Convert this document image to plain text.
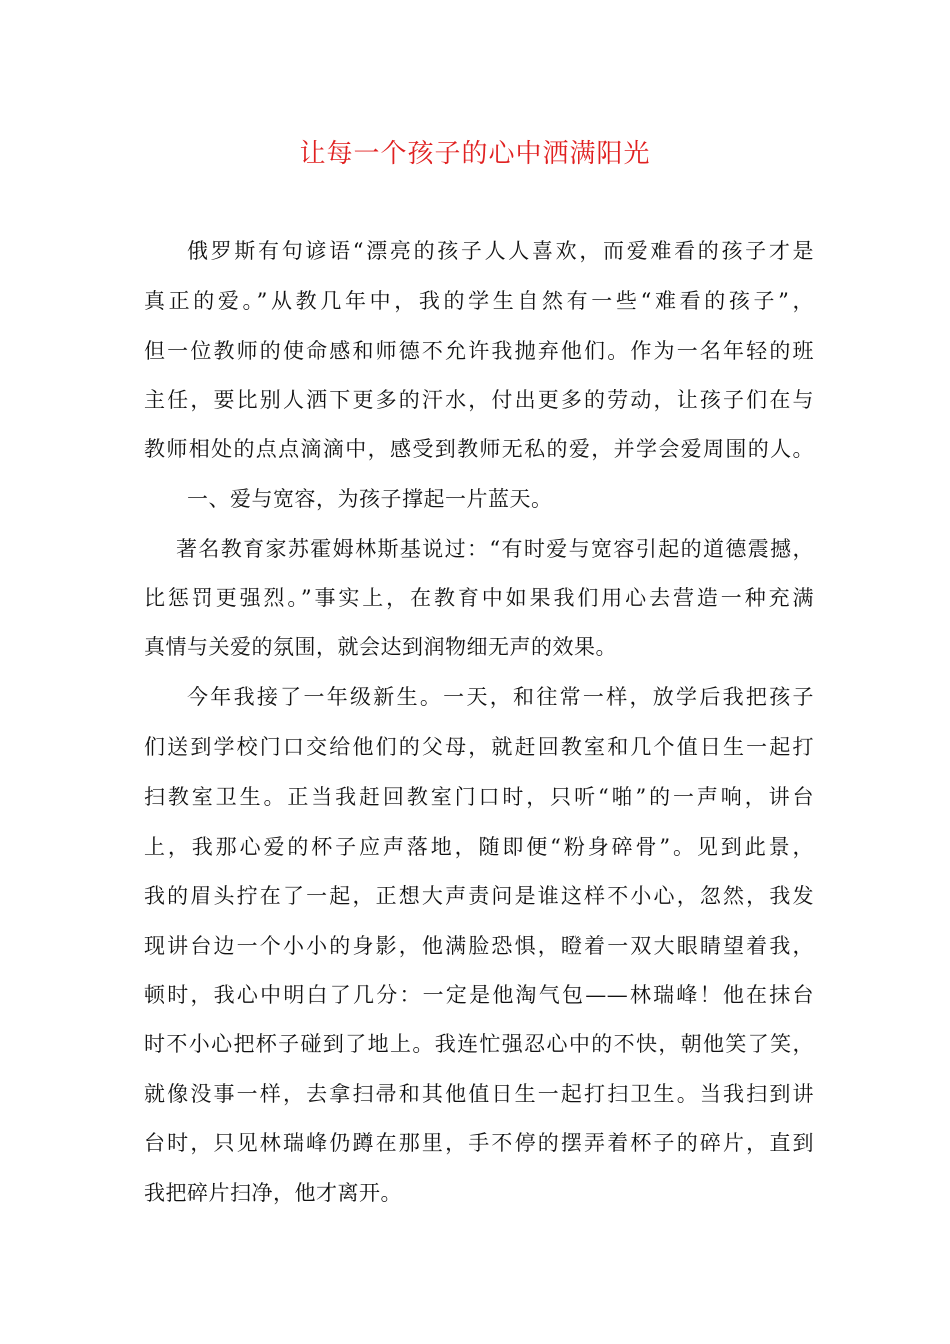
让每一个孩子的心中洒满阳光
俄罗斯有句谚语“漂亮的孩子人人喜欢，而爱难看的孩子才是
真正的爱。”从教几年中，我的学生自然有一些“难看的孩子”，
但一位教师的使命感和师德不允许我抛弃他们。作为一名年轻的班
主任，要比别人洒下更多的汗水，付出更多的劳动，让孩子们在与
教师相处的点点滴滴中，感受到教师无私的爱，并学会爱周围的人。
一、爱与宽容，为孩子撑起一片蓝天。
著名教育家苏霍姆林斯基说过：“有时爱与宽容引起的道德震撼，
比惩罚更强烈。”事实上，在教育中如果我们用心去营造一种充满
真情与关爱的氛围，就会达到润物细无声的效果。
今年我接了一年级新生。一天，和往常一样，放学后我把孩子
们送到学校门口交给他们的父母，就赶回教室和几个值日生一起打
扫教室卫生。正当我赶回教室门口时，只听“啪”的一声响，讲台
上，我那心爱的杯子应声落地，随即便“粉身碎骨”。见到此景，
我的眉头拧在了一起，正想大声责问是谁这样不小心，忽然，我发
现讲台边一个小小的身影，他满脸恐惧，瞪着一双大眼睛望着我，
顿时，我心中明白了几分：一定是他淘气包——林瑞峰！他在抹台
时不小心把杯子碰到了地上。我连忙强忍心中的不快，朝他笑了笑，
就像没事一样，去拿扫帚和其他值日生一起打扫卫生。当我扫到讲
台时，只见林瑞峰仍蹲在那里，手不停的摆弄着杯子的碎片，直到
我把碎片扫净，他才离开。
